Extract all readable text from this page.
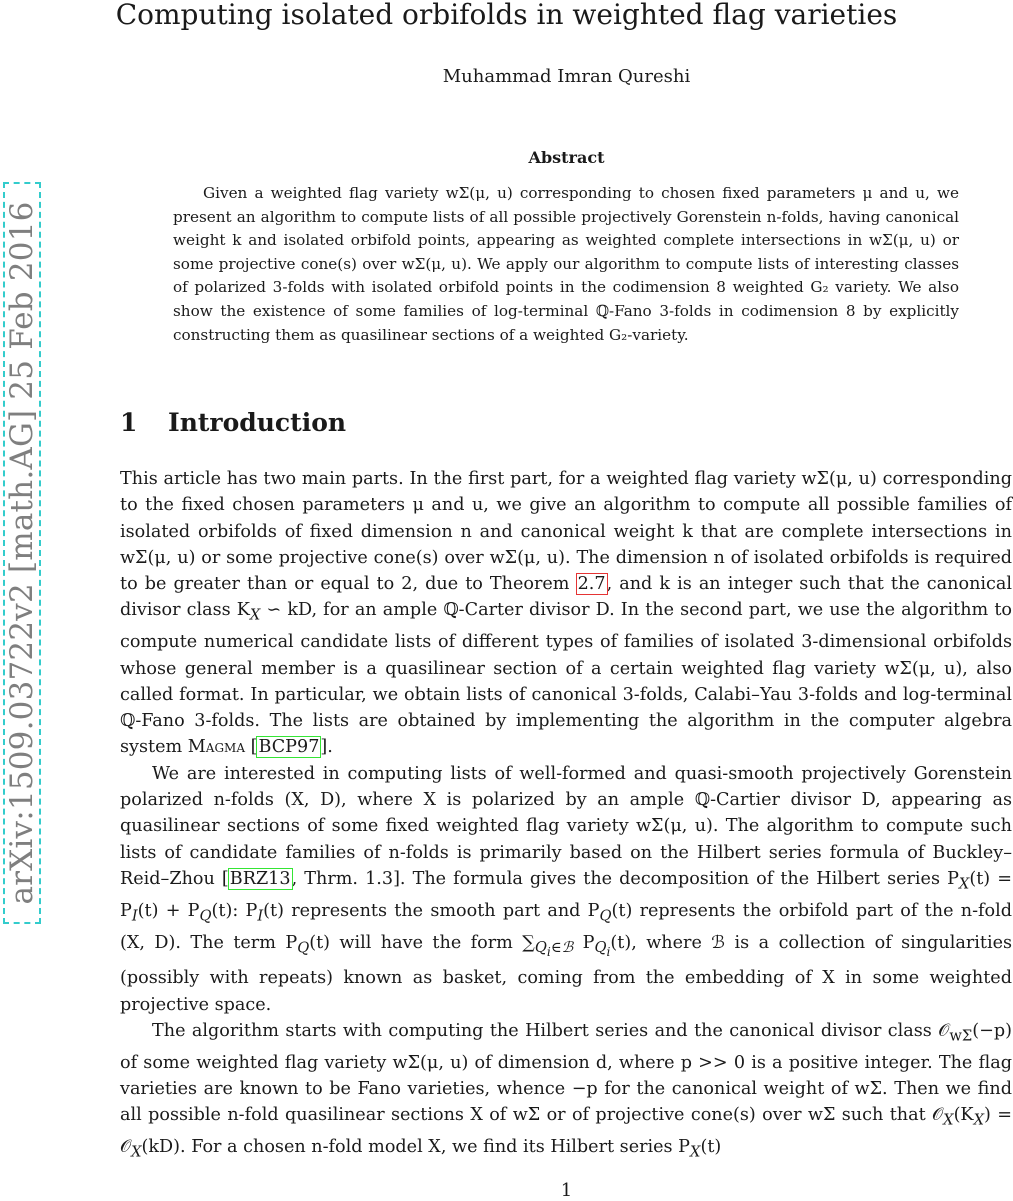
Computing isolated orbifolds in weighted flag varieties
Muhammad Imran Qureshi
arXiv:1509.03722v2 [math.AG] 25 Feb 2016
Abstract

Given a weighted flag variety wΣ(μ, u) corresponding to chosen fixed parameters μ and u, we present an algorithm to compute lists of all possible projectively Gorenstein n-folds, having canonical weight k and isolated orbifold points, appearing as weighted complete intersections in wΣ(μ, u) or some projective cone(s) over wΣ(μ, u). We apply our algorithm to compute lists of interesting classes of polarized 3-folds with isolated orbifold points in the codimension 8 weighted G₂ variety. We also show the existence of some families of log-terminal ℚ-Fano 3-folds in codimension 8 by explicitly constructing them as quasilinear sections of a weighted G₂-variety.

1 Introduction

This article has two main parts. In the first part, for a weighted flag variety wΣ(μ, u) corresponding to the fixed chosen parameters μ and u, we give an algorithm to compute all possible families of isolated orbifolds of fixed dimension n and canonical weight k that are complete intersections in wΣ(μ, u) or some projective cone(s) over wΣ(μ, u). The dimension n of isolated orbifolds is required to be greater than or equal to 2, due to Theorem 2.7, and k is an integer such that the canonical divisor class $K_X$ ∽ kD, for an ample ℚ-Carter divisor D. In the second part, we use the algorithm to compute numerical candidate lists of different types of families of isolated 3-dimensional orbifolds whose general member is a quasilinear section of a certain weighted flag variety wΣ(μ, u), also called format. In particular, we obtain lists of canonical 3-folds, Calabi–Yau 3-folds and log-terminal ℚ-Fano 3-folds. The lists are obtained by implementing the algorithm in the computer algebra system Magma [BCP97].

We are interested in computing lists of well-formed and quasi-smooth projectively Gorenstein polarized n-folds (X, D), where X is polarized by an ample ℚ-Cartier divisor D, appearing as quasilinear sections of some fixed weighted flag variety wΣ(μ, u). The algorithm to compute such lists of candidate families of n-folds is primarily based on the Hilbert series formula of Buckley–Reid–Zhou [BRZ13, Thrm. 1.3]. The formula gives the decomposition of the Hilbert series $P_X(t) = P_I(t) + P_Q(t)$: $P_I(t)$ represents the smooth part and $P_Q(t)$ represents the orbifold part of the n-fold (X, D). The term $P_Q(t)$ will have the form $\sum_{Q_i\in ℬ}$ $P_{Q_i}(t)$, where ℬ is a collection of singularities (possibly with repeats) known as basket, coming from the embedding of X in some weighted projective space.

The algorithm starts with computing the Hilbert series and the canonical divisor class 𝒪$_{w\Sigma}$(−p) of some weighted flag variety wΣ(μ, u) of dimension d, where p >> 0 is a positive integer. The flag varieties are known to be Fano varieties, whence −p for the canonical weight of wΣ. Then we find all possible n-fold quasilinear sections X of wΣ or of projective cone(s) over wΣ such that $𝒪_X(K_X)$ = 𝒪$_X$(kD). For a chosen n-fold model X, we find its Hilbert series $P_X(t)$

1
